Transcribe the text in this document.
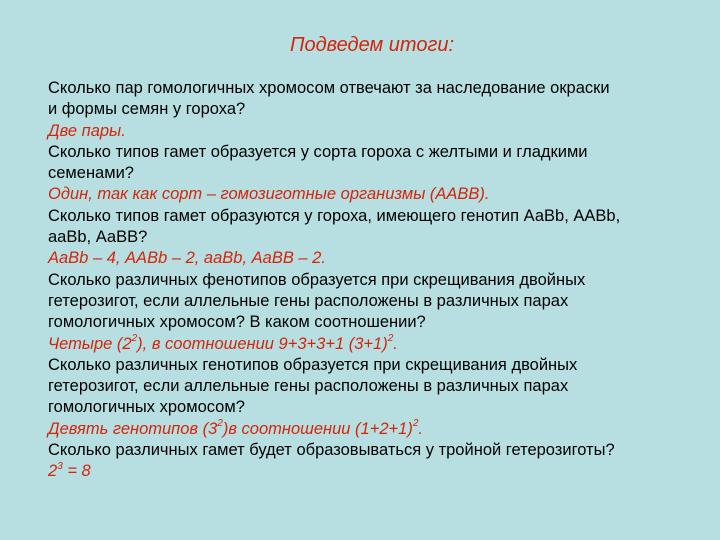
Подведем итоги:
Сколько пар гомологичных хромосом отвечают за наследование окраски
и формы семян у гороха?
Две пары.
Сколько типов гамет образуется у сорта гороха с желтыми и гладкими
семенами?
Один, так как сорт – гомозиготные организмы (ААВВ).
Сколько типов гамет образуются у гороха, имеющего генотип АаВb, ААВb,
ааВb, АаВВ?
АаВb – 4, ААВb – 2, ааВb, АаВВ – 2.
Сколько различных фенотипов образуется при скрещивания двойных
гетерозигот, если аллельные гены расположены в различных парах
гомологичных хромосом? В каком соотношении?
Четыре $(2^2)$, в соотношении 9+3+3+1 $(3+1)^2$.
Сколько различных генотипов образуется при скрещивания двойных
гетерозигот, если аллельные гены расположены в различных парах
гомологичных хромосом?
Девять генотипов $(3^2)в$ соотношении $(1+2+1)^2$.
Сколько различных гамет будет образовываться у тройной гетерозиготы?
$2^3 = 8$
